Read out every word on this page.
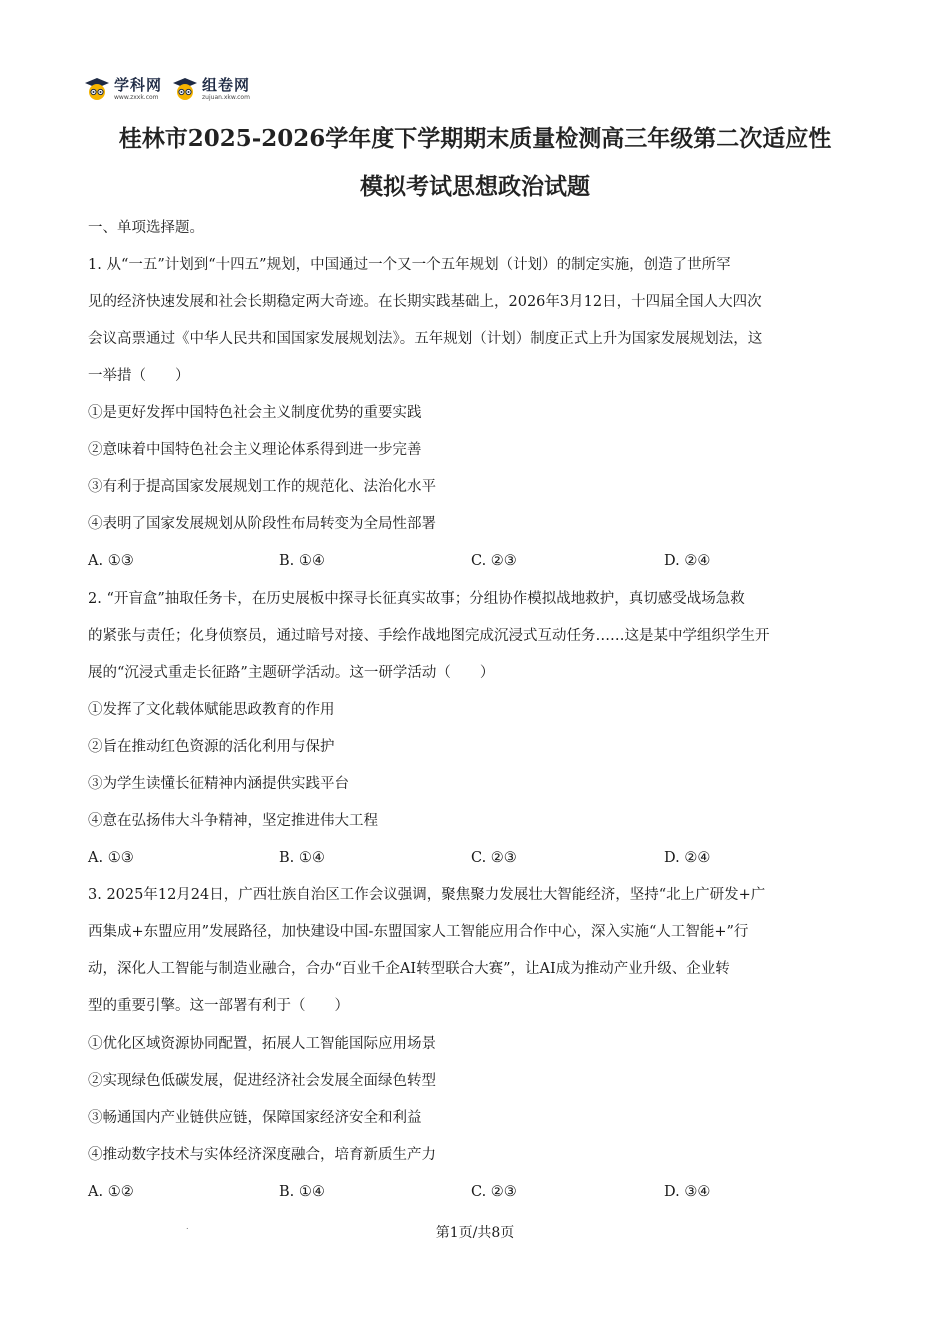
学科网
www.zxxk.com
组卷网
zujuan.xkw.com
桂林市2025-2026学年度下学期期末质量检测高三年级第二次适应性
模拟考试思想政治试题
一、单项选择题。
1. 从“一五”计划到“十四五”规划，中国通过一个又一个五年规划（计划）的制定实施，创造了世所罕
见的经济快速发展和社会长期稳定两大奇迹。在长期实践基础上，2026年3月12日，十四届全国人大四次
会议高票通过《中华人民共和国国家发展规划法》。五年规划（计划）制度正式上升为国家发展规划法，这
一举措（　　）
①是更好发挥中国特色社会主义制度优势的重要实践
②意味着中国特色社会主义理论体系得到进一步完善
③有利于提高国家发展规划工作的规范化、法治化水平
④表明了国家发展规划从阶段性布局转变为全局性部署
A. ①③	B. ①④	C. ②③	D. ②④
2. “开盲盒”抽取任务卡，在历史展板中探寻长征真实故事；分组协作模拟战地救护，真切感受战场急救
的紧张与责任；化身侦察员，通过暗号对接、手绘作战地图完成沉浸式互动任务……这是某中学组织学生开
展的“沉浸式重走长征路”主题研学活动。这一研学活动（　　）
①发挥了文化载体赋能思政教育的作用
②旨在推动红色资源的活化利用与保护
③为学生读懂长征精神内涵提供实践平台
④意在弘扬伟大斗争精神，坚定推进伟大工程
A. ①③	B. ①④	C. ②③	D. ②④
3. 2025年12月24日，广西壮族自治区工作会议强调，聚焦聚力发展壮大智能经济，坚持“北上广研发+广
西集成+东盟应用”发展路径，加快建设中国-东盟国家人工智能应用合作中心，深入实施“人工智能+”行
动，深化人工智能与制造业融合，合办“百业千企AI转型联合大赛”，让AI成为推动产业升级、企业转
型的重要引擎。这一部署有利于（　　）
①优化区域资源协同配置，拓展人工智能国际应用场景
②实现绿色低碳发展，促进经济社会发展全面绿色转型
③畅通国内产业链供应链，保障国家经济安全和利益
④推动数字技术与实体经济深度融合，培育新质生产力
A. ①②	B. ①④	C. ②③	D. ③④
.	第1页/共8页
